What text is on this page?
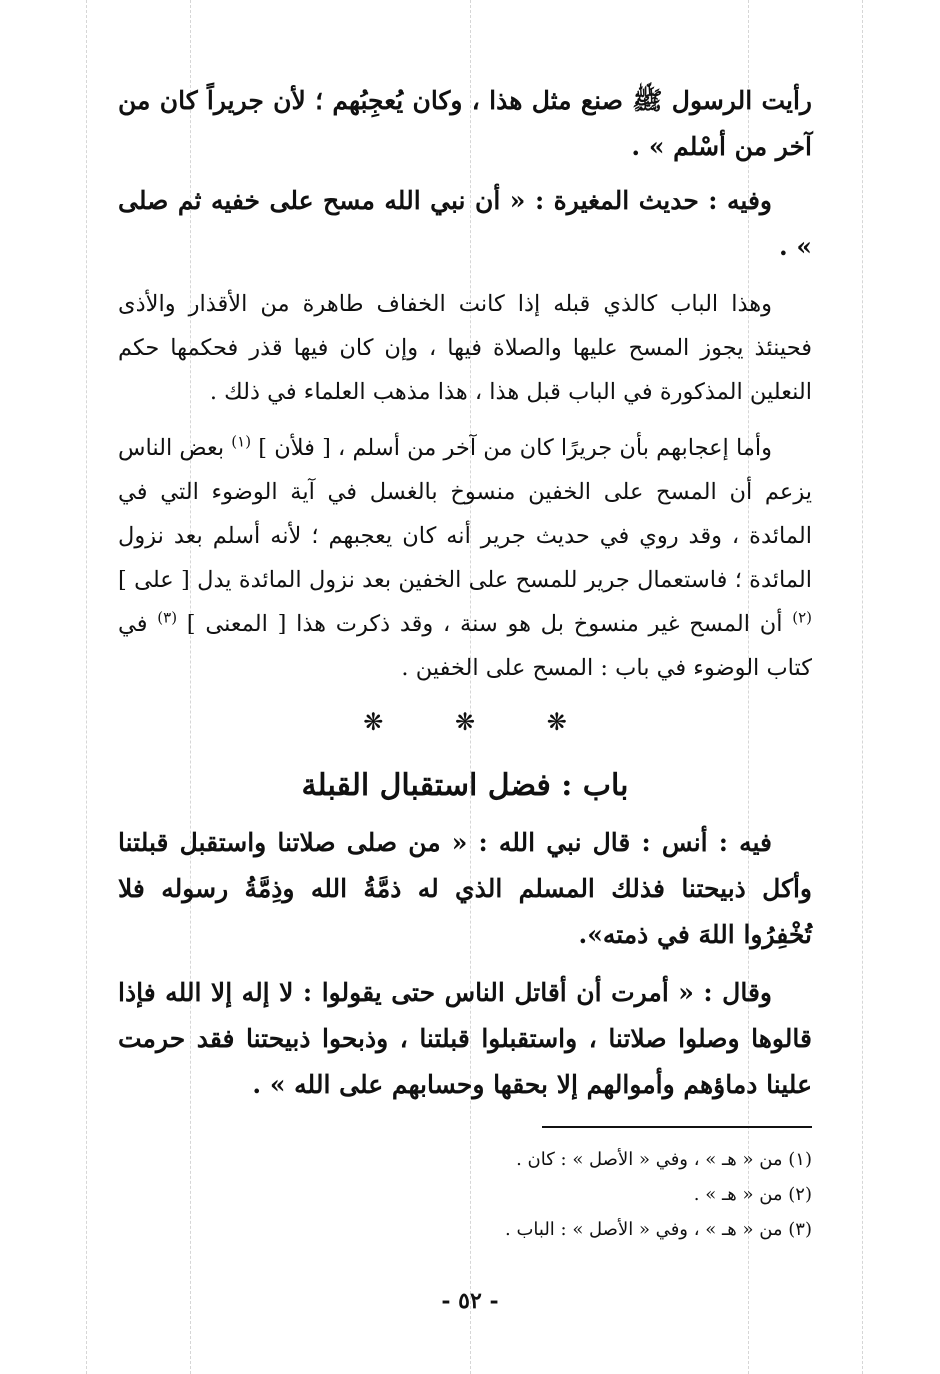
رأيت الرسول ﷺ صنع مثل هذا ، وكان يُعجِبُهم ؛ لأن جريراً كان من آخر من أسْلم » .

وفيه : حديث المغيرة : « أن نبي الله مسح على خفيه ثم صلى » .

وهذا الباب كالذي قبله إذا كانت الخفاف طاهرة من الأقذار والأذى فحينئذ يجوز المسح عليها والصلاة فيها ، وإن كان فيها قذر فحكمها حكم النعلين المذكورة في الباب قبل هذا ، هذا مذهب العلماء في ذلك .

وأما إعجابهم بأن جريرًا كان من آخر من أسلم ، [ فلأن ] $^{(١)}$ بعض الناس يزعم أن المسح على الخفين منسوخ بالغسل في آية الوضوء التي في المائدة ، وقد روي في حديث جرير أنه كان يعجبهم ؛ لأنه أسلم بعد نزول المائدة ؛ فاستعمال جرير للمسح على الخفين بعد نزول المائدة يدل [ على ] $^{(٢)}$ أن المسح غير منسوخ بل هو سنة ، وقد ذكرت هذا [ المعنى ] $^{(٣)}$ في كتاب الوضوء في باب : المسح على الخفين .

❋	❋	❋

باب : فضل استقبال القبلة

فيه : أنس : قال نبي الله : « من صلى صلاتنا واستقبل قبلتنا وأكل ذبيحتنا فذلك المسلم الذي له ذمَّةُ الله وذِمَّةُ رسوله فلا تُخْفِرُوا اللهَ في ذمته».

وقال : « أمرت أن أقاتل الناس حتى يقولوا : لا إله إلا الله فإذا قالوها وصلوا صلاتنا ، واستقبلوا قبلتنا ، وذبحوا ذبيحتنا فقد حرمت علينا دماؤهم وأموالهم إلا بحقها وحسابهم على الله » .

(١) من « هـ » ، وفي « الأصل » : كان .

(٢) من « هـ » .

(٣) من « هـ » ، وفي « الأصل » : الباب .

- ٥٢ -
